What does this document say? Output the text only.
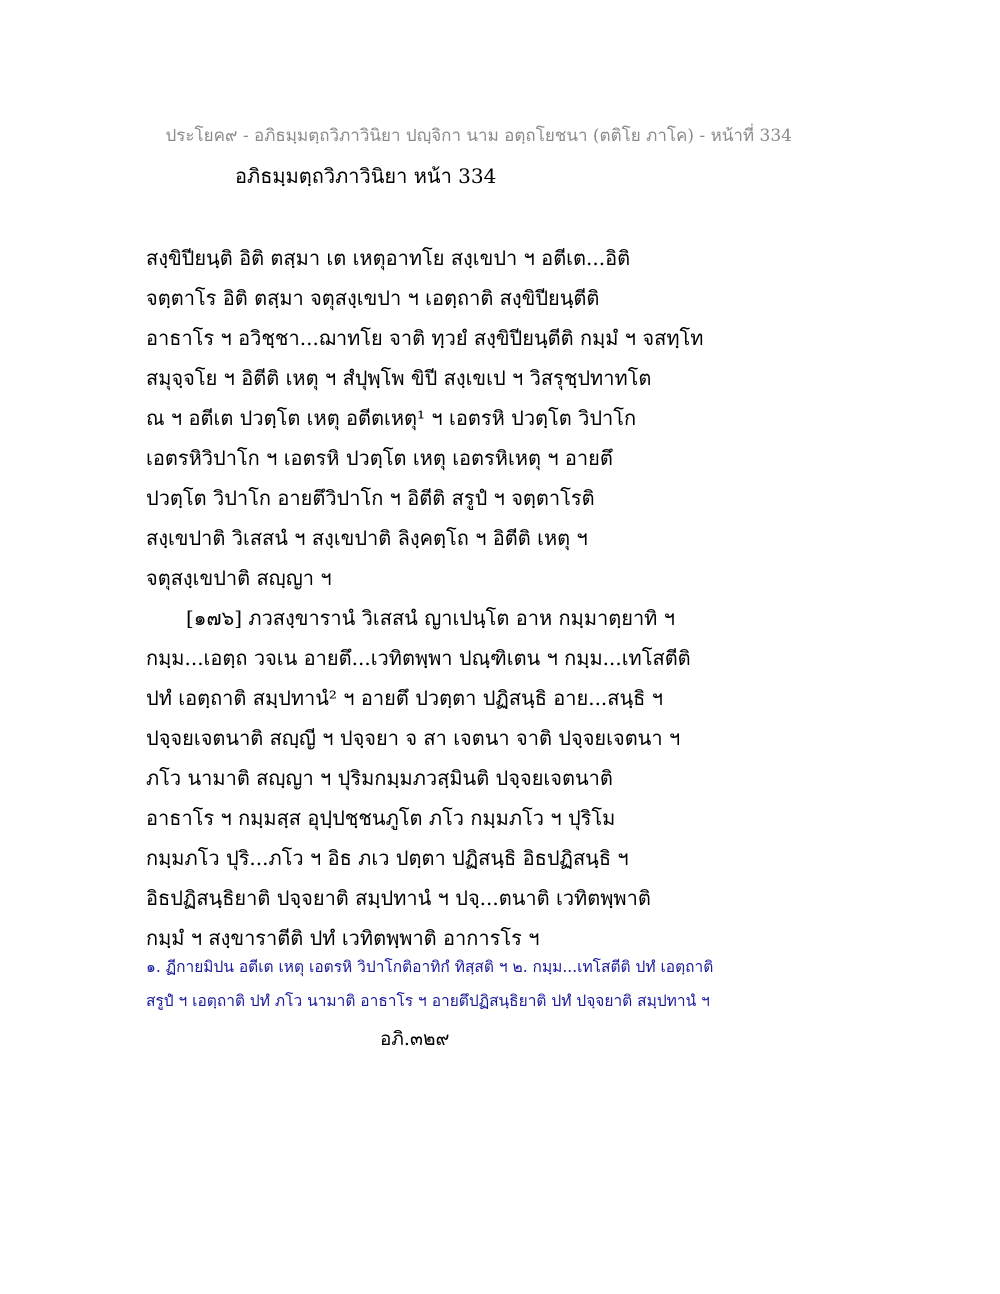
ประโยค๙ - อภิธมฺมตฺถวิภาวินิยา ปญฺจิกา นาม อตฺถโยชนา (ตติโย ภาโค) - หน้าที่ 334
อภิธมฺมตฺถวิภาวินิยา หน้า 334
สงฺขิปียนฺติ อิติ ตสฺมา เต เหตุอาทโย สงฺเขปา ฯ อตีเต...อิติ
จตฺตาโร อิติ ตสฺมา จตุสงฺเขปา ฯ เอตฺถาติ สงฺขิปียนฺตีติ
อาธาโร ฯ อวิชฺชา...ฌาทโย จาติ ทฺวยํ สงฺขิปียนฺตีติ กมฺมํ ฯ จสทฺโท
สมุจฺจโย ฯ อิตีติ เหตุ ฯ สํปุพฺโพ ขิปี สงฺเขเป ฯ วิสรุชฺปทาทโต
ณ ฯ อตีเต ปวตฺโต เหตุ อตีตเหตุ¹ ฯ เอตรหิ ปวตฺโต วิปาโก
เอตรหิวิปาโก ฯ เอตรหิ ปวตฺโต เหตุ เอตรหิเหตุ ฯ อายตึ
ปวตฺโต วิปาโก อายตึวิปาโก ฯ อิตีติ สรูปํ ฯ จตฺตาโรติ
สงฺเขปาติ วิเสสนํ ฯ สงฺเขปาติ ลิงฺคตฺโถ ฯ อิตีติ เหตุ ฯ
จตุสงฺเขปาติ สญฺญา ฯ
[๑๗๖] ภวสงฺขารานํ วิเสสนํ ญาเปนฺโต อาห กมฺมาตฺยาทิ ฯ
กมฺม...เอตฺถ วจเน อายตึ...เวทิตพฺพา ปณฺฑิเตน ฯ กมฺม...เทโสตีติ
ปทํ เอตฺถาติ สมฺปทานํ² ฯ อายตึ ปวตฺตา ปฏิสนฺธิ อาย...สนฺธิ ฯ
ปจฺจยเจตนาติ สญฺญี ฯ ปจฺจยา จ สา เจตนา จาติ ปจฺจยเจตนา ฯ
ภโว นามาติ สญฺญา ฯ ปุริมกมฺมภวสฺมินติ ปจฺจยเจตนาติ
อาธาโร ฯ กมฺมสฺส อุปฺปชฺชนภูโต ภโว กมฺมภโว ฯ ปุริโม
กมฺมภโว ปุริ...ภโว ฯ อิธ ภเว ปตฺตา ปฏิสนฺธิ อิธปฏิสนฺธิ ฯ
อิธปฏิสนฺธิยาติ ปจฺจยาติ สมฺปทานํ ฯ ปจฺ...ตนาติ เวทิตพฺพาติ
กมฺมํ ฯ สงฺขาราตีติ ปทํ เวทิตพฺพาติ อาการโร ฯ
๑. ฏีกายมิปน อตีเต เหตุ เอตรหิ วิปาโกติอาทิกํ ทิสฺสติ ฯ ๒. กมฺม...เทโสตีติ ปทํ เอตฺถาติ
สรูปํ ฯ เอตฺถาติ ปทํ ภโว นามาติ อาธาโร ฯ อายตึปฏิสนฺธิยาติ ปทํ ปจฺจยาติ สมฺปทานํ ฯ
อภิ.๓๒๙
